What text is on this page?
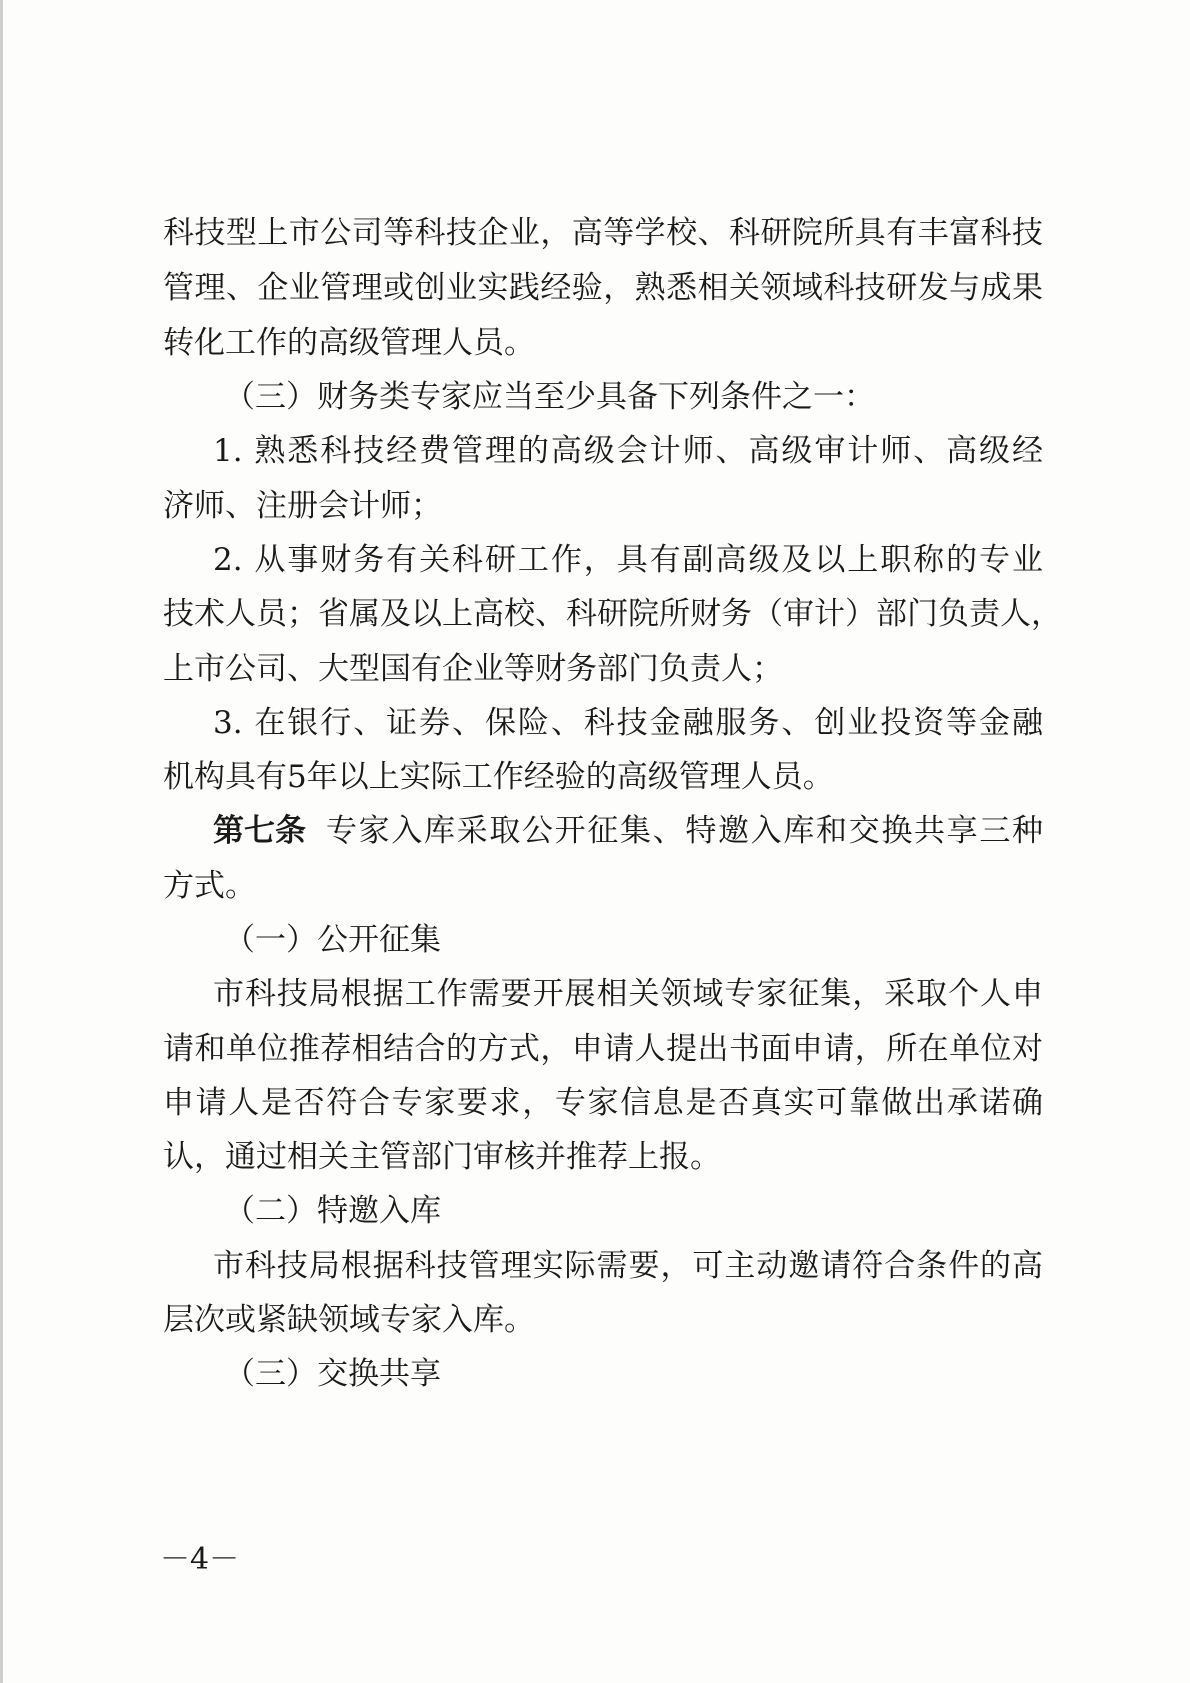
科技型上市公司等科技企业，高等学校、科研院所具有丰富科技
管理、企业管理或创业实践经验，熟悉相关领域科技研发与成果
转化工作的高级管理人员。
（三）财务类专家应当至少具备下列条件之一：
1. 熟悉科技经费管理的高级会计师、高级审计师、高级经
济师、注册会计师；
2. 从事财务有关科研工作，具有副高级及以上职称的专业
技术人员；省属及以上高校、科研院所财务（审计）部门负责人，
上市公司、大型国有企业等财务部门负责人；
3. 在银行、证券、保险、科技金融服务、创业投资等金融
机构具有5年以上实际工作经验的高级管理人员。
第七条 专家入库采取公开征集、特邀入库和交换共享三种
方式。
（一）公开征集
市科技局根据工作需要开展相关领域专家征集，采取个人申
请和单位推荐相结合的方式，申请人提出书面申请，所在单位对
申请人是否符合专家要求，专家信息是否真实可靠做出承诺确
认，通过相关主管部门审核并推荐上报。
（二）特邀入库
市科技局根据科技管理实际需要，可主动邀请符合条件的高
层次或紧缺领域专家入库。
（三）交换共享
－4－
